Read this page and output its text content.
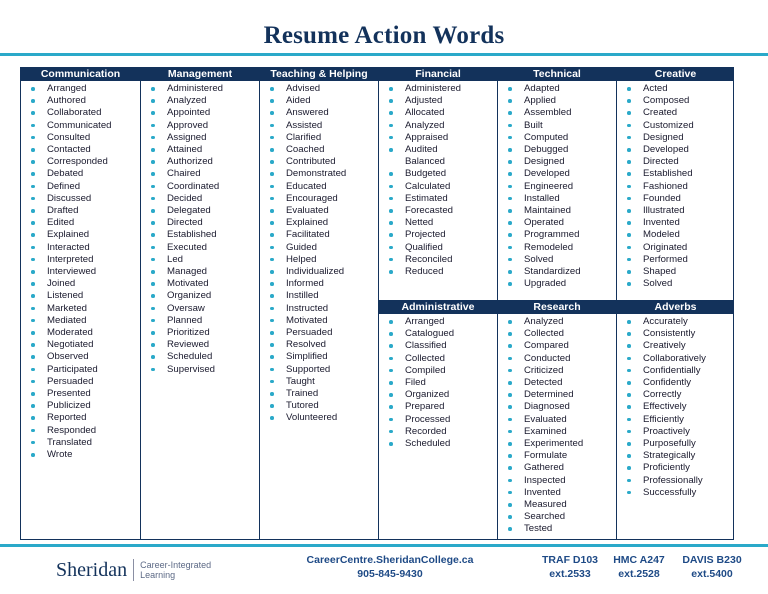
Resume Action Words
Communication
Arranged
Authored
Collaborated
Communicated
Consulted
Contacted
Corresponded
Debated
Defined
Discussed
Drafted
Edited
Explained
Interacted
Interpreted
Interviewed
Joined
Listened
Marketed
Mediated
Moderated
Negotiated
Observed
Participated
Persuaded
Presented
Publicized
Reported
Responded
Translated
Wrote
Management
Administered
Analyzed
Appointed
Approved
Assigned
Attained
Authorized
Chaired
Coordinated
Decided
Delegated
Directed
Established
Executed
Led
Managed
Motivated
Organized
Oversaw
Planned
Prioritized
Reviewed
Scheduled
Supervised
Teaching & Helping
Advised
Aided
Answered
Assisted
Clarified
Coached
Contributed
Demonstrated
Educated
Encouraged
Evaluated
Explained
Facilitated
Guided
Helped
Individualized
Informed
Instilled
Instructed
Motivated
Persuaded
Resolved
Simplified
Supported
Taught
Trained
Tutored
Volunteered
Financial
Administered
Adjusted
Allocated
Analyzed
Appraised
Audited Balanced
Budgeted
Calculated
Estimated
Forecasted
Netted
Projected
Qualified
Reconciled
Reduced
Administrative
Arranged
Catalogued
Classified
Collected
Compiled
Filed
Organized
Prepared
Processed
Recorded
Scheduled
Technical
Adapted
Applied
Assembled
Built
Computed
Debugged
Designed
Developed
Engineered
Installed
Maintained
Operated
Programmed
Remodeled
Solved
Standardized
Upgraded
Research
Analyzed
Collected
Compared
Conducted
Criticized
Detected
Determined
Diagnosed
Evaluated
Examined
Experimented
Formulate
Gathered
Inspected
Invented
Measured
Searched
Tested
Creative
Acted
Composed
Created
Customized
Designed
Developed
Directed
Established
Fashioned
Founded
Illustrated
Invented
Modeled
Originated
Performed
Shaped
Solved
Adverbs
Accurately
Consistently
Creatively
Collaboratively
Confidentially
Confidently
Correctly
Effectively
Efficiently
Proactively
Purposefully
Strategically
Proficiently
Professionally
Successfully
Sheridan Career-Integrated
Learning
CareerCentre.SheridanCollege.ca
905-845-9430
TRAF D103
ext.2533
HMC A247
ext.2528
DAVIS B230
ext.5400
